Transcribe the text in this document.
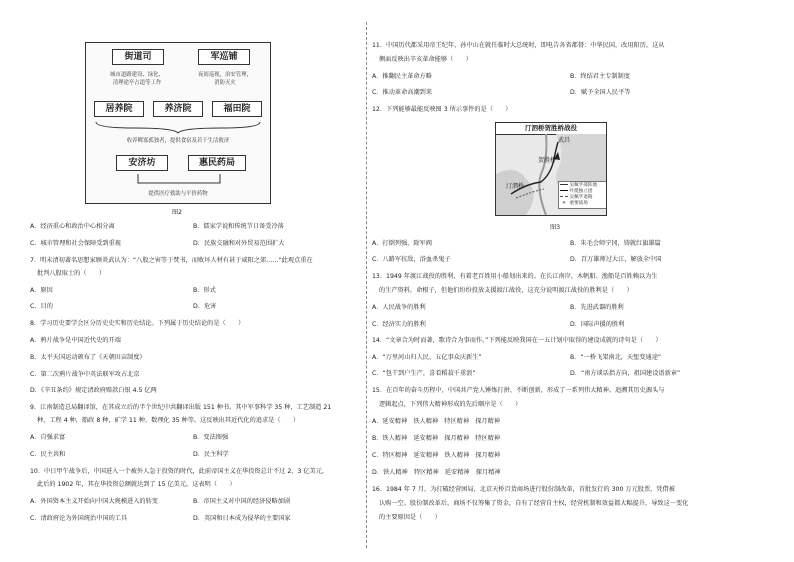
街道司	军巡铺
城市道路建设、绿化、
清理途亭占道等工作
夜间巡视，治安管理，
消防灭火
居养院	养济院	福田院
收养鳏寡孤独者，提供食宿及若干生活救济
安济坊	惠民药局
提供医疗救助与平价药物
图2
A．经济重心和政治中心相分离	B．儒家学说和传统节日备受冷落
C．城市管理和社会保障受到重视	D．民族交融和对外贸易范围扩大
7．明末清初著名思想家顾炎武认为：“八股之害等于焚书，而败坏人材有甚于咸阳之郊……”此观点重在
批判八股取士的（　　）
A．原因	B．形式
C．目的	D．危害
8．学习历史要学会区分历史史实和历史结论。下列属于历史结论的是（　　）
A．鸦片战争是中国近代史的开端
B．太平天国运动颁布了《天朝田亩制度》
C．第二次鸦片战争中英法联军攻占北京
D．《辛丑条约》规定清政府赔款白银 4.5 亿两
9．江南制造总局翻译馆，在其成立后的半个世纪中共翻译出版 151 种书，其中军事科学 35 种，工艺制造 21
种，工程 4 种，船政 8 种，矿学 11 种，数理化 35 种等。这反映出其近代化的追求是（　　）
A．自强求富	B．变法图强
C．民主共和	D．民主科学
10．中日甲午战争后，中国进入一个被外人急于投资的时代，此前帝国主义在华投资总计不过 2、3 亿美元，
此后的 1902 年，其在华投资总额就达到了 15 亿美元。这表明（　　）
A．外国资本主义开始向中国大规模进入的转变	B．帝国主义对中国的经济侵略加剧
C．清政府沦为外国统治中国的工具	D．英国和日本成为侵华的主要国家
11．中国历代都采用帝王纪年，孙中山在就任临时大总统时，即电告各省都督：中华民国，改用阳历。这从
侧面反映出辛亥革命能够（　　）
A．推翻民主革命方略	B．终结君主专制制度
C．推动革命高潮到来	D．赋予全国人民平等
12．下列能够最能反映图 3 所示事件的是（　　）
A．打倒列强，除军阀	B．朱毛会师宁冈，铸就红旗雄篇
C．八路军抗敌，浴血杀鬼子	D．百万雄师过大江，解放全中国
13．1949 年渡江战役的胜利，有着老百姓用小船划出来的。在长江南岸，木帆船、渔船是百姓赖以为生
的生产资料，命根子，但他们纷纷投放支援渡江战役，这充分说明渡江战役的胜利是（　　）
A．人民战争的胜利	B．先进武器的胜利
C．经济实力的胜利	D．国际声援的胜利
14．“文章合为时而著，歌诗合为事而作。”下列能反映我国在一五计划中取得的建设成就的诗句是（　　）
A．“万里河山归人民，五亿事众庆新生”	B．“一桥飞架南北，天堑变通途”
C．“包干到户生产，喜看稻菽千重浪”	D．“南方谈话指方向，祖国建设谱新章”
15．在百年的奋斗历程中，中国共产党人锤炼打拼、不断创新，形成了一系列伟大精神。追溯其历史源头与
逻辑起点，下列伟大精神形成的先后顺序是（　　）
A．延安精神　铁人精神　特区精神　探月精神
B．铁人精神　延安精神　探月精神　特区精神
C．特区精神　延安精神　铁人精神　探月精神
D．铁人精神　特区精神　延安精神　探月精神
16．1984 年 7 月，为打破经营困局，北京天桥百货商场进行股份制改革，首批发行的 300 万元股票，凭借被
认购一空。股份制改革后，商场不仅筹集了资金，自有了经营自主权，经营机制和效益都大幅提升，导致这一变化
的主要原因是（　　）
汀泗桥贺胜桥战役
武昌
贺胜桥
汀泗桥	吴佩孚部阵地
叶挺独立团
吴佩孚退路
✕ 重要战场
图3
